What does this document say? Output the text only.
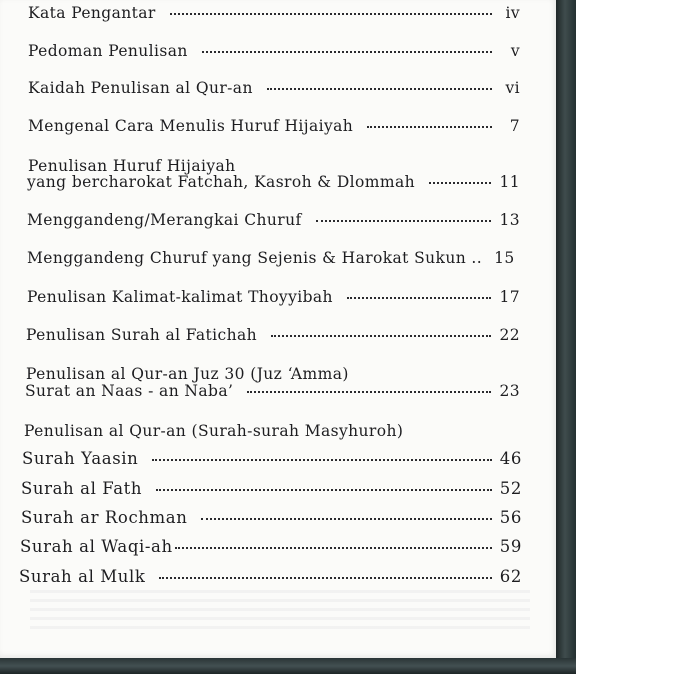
Kata Pengantar	iv
Pedoman Penulisan	v
Kaidah Penulisan al Qur-an	vi
Mengenal Cara Menulis Huruf Hijaiyah	7
Penulisan Huruf Hijaiyah
yang bercharokat Fatchah, Kasroh & Dlommah	11
Menggandeng/Merangkai Churuf	13
Menggandeng Churuf yang Sejenis & Harokat Sukun .. 15
Penulisan Kalimat-kalimat Thoyyibah	17
Penulisan Surah al Fatichah	22
Penulisan al Qur-an Juz 30 (Juz ‘Amma)
Surat an Naas - an Naba’	23
Penulisan al Qur-an (Surah-surah Masyhuroh)
Surah Yaasin	46
Surah al Fath	52
Surah ar Rochman	56
Surah al Waqi-ah	59
Surah al Mulk	62
